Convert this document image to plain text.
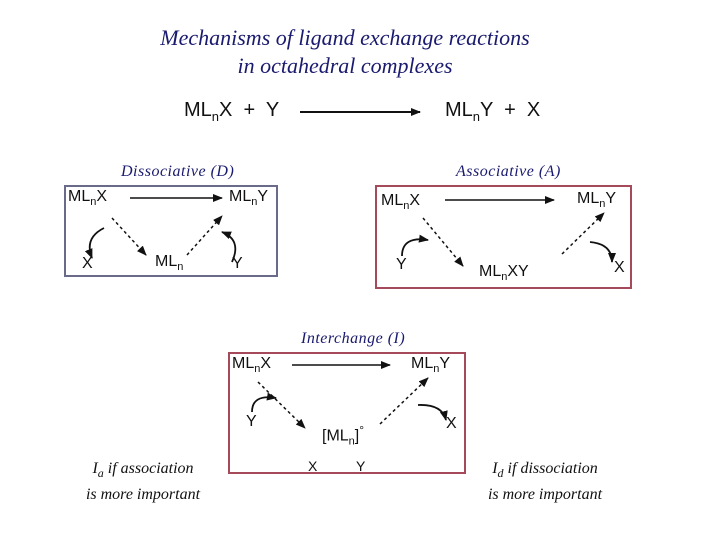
Mechanisms of ligand exchange reactions
in octahedral complexes
$ML_nX + Y$	$ML_nY + X$
Dissociative (D)	Associative (A)
Interchange (I)
$ML_nX$	$ML_nY$
X	$ML_n$	Y
$ML_nX$	$ML_nY$
Y	$ML_nXY$	X
$ML_nX$	$ML_nY$
Y
$[ML_n]^\circ$	X
X	Y
$I_a$ if association
is more important
$I_d$ if dissociation
is more important
